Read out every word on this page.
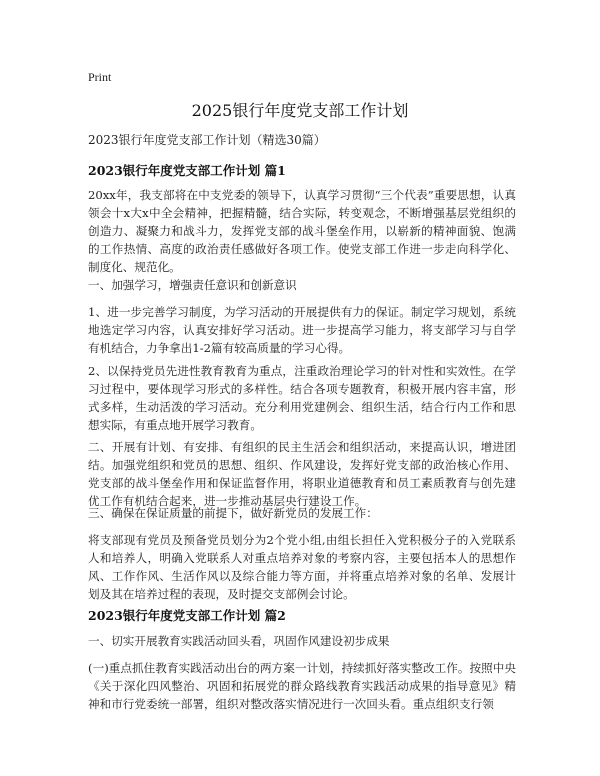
Print
2025银行年度党支部工作计划
2023银行年度党支部工作计划（精选30篇）
2023银行年度党支部工作计划 篇1

20xx年，我支部将在中支党委的领导下，认真学习贯彻“三个代表”重要思想，认真领会十x大x中全会精神，把握精髓，结合实际，转变观念，不断增强基层党组织的创造力、凝聚力和战斗力，发挥党支部的战斗堡垒作用，以崭新的精神面貌、饱满的工作热情、高度的政治责任感做好各项工作。使党支部工作进一步走向科学化、制度化、规范化。

一、加强学习，增强责任意识和创新意识

1、进一步完善学习制度，为学习活动的开展提供有力的保证。制定学习规划，系统地选定学习内容，认真安排好学习活动。进一步提高学习能力，将支部学习与自学有机结合，力争拿出1-2篇有较高质量的学习心得。

2、以保持党员先进性教育教育为重点，注重政治理论学习的针对性和实效性。在学习过程中，要体现学习形式的多样性。结合各项专题教育，积极开展内容丰富，形式多样，生动活泼的学习活动。充分利用党建例会、组织生活，结合行内工作和思想实际，有重点地开展学习教育。

二、开展有计划、有安排、有组织的民主生活会和组织活动，来提高认识，增进团结。加强党组织和党员的思想、组织、作风建设，发挥好党支部的政治核心作用、党支部的战斗堡垒作用和保证监督作用，将职业道德教育和员工素质教育与创先建优工作有机结合起来，进一步推动基层央行建设工作。

三、确保在保证质量的前提下，做好新党员的发展工作：

将支部现有党员及预备党员划分为2个党小组,由组长担任入党积极分子的入党联系人和培养人，明确入党联系人对重点培养对象的考察内容，主要包括本人的思想作风、工作作风、生活作风以及综合能力等方面，并将重点培养对象的名单、发展计划及其在培养过程的表现，及时提交支部例会讨论。

2023银行年度党支部工作计划 篇2

一、切实开展教育实践活动回头看，巩固作风建设初步成果

(一)重点抓住教育实践活动出台的两方案一计划，持续抓好落实整改工作。按照中央《关于深化四风整治、巩固和拓展党的群众路线教育实践活动成果的指导意见》精神和市行党委统一部署，组织对整改落实情况进行一次回头看。重点组织支行领
